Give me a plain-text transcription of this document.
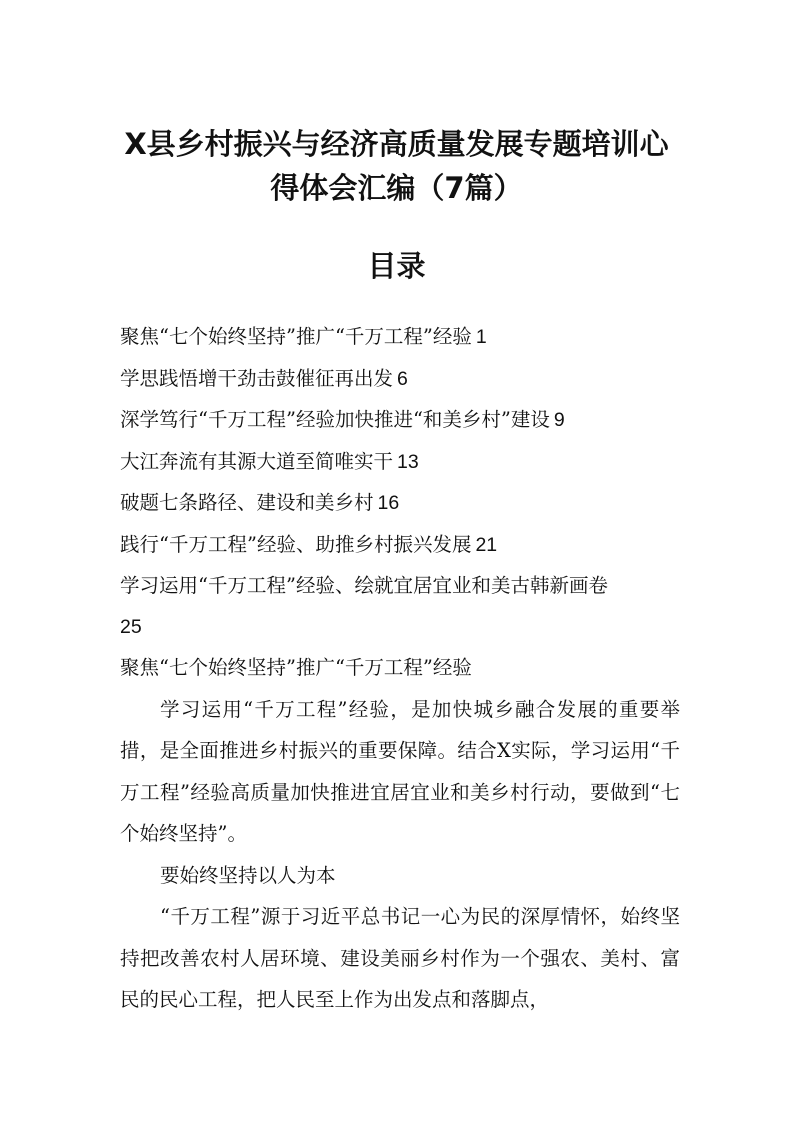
X县乡村振兴与经济高质量发展专题培训心
得体会汇编（7篇）
目录
聚焦“七个始终坚持”推广“千万工程”经验 1
学思践悟增干劲击鼓催征再出发 6
深学笃行“千万工程”经验加快推进“和美乡村”建设 9
大江奔流有其源大道至简唯实干 13
破题七条路径、建设和美乡村 16
践行“千万工程”经验、助推乡村振兴发展 21
学习运用“千万工程”经验、绘就宜居宜业和美古韩新画卷
25

聚焦“七个始终坚持”推广“千万工程”经验

学习运用“千万工程”经验，是加快城乡融合发展的重要举措，是全面推进乡村振兴的重要保障。结合X实际，学习运用“千万工程”经验高质量加快推进宜居宜业和美乡村行动，要做到“七个始终坚持”。

要始终坚持以人为本

“千万工程”源于习近平总书记一心为民的深厚情怀，始终坚持把改善农村人居环境、建设美丽乡村作为一个强农、美村、富民的民心工程，把人民至上作为出发点和落脚点，
